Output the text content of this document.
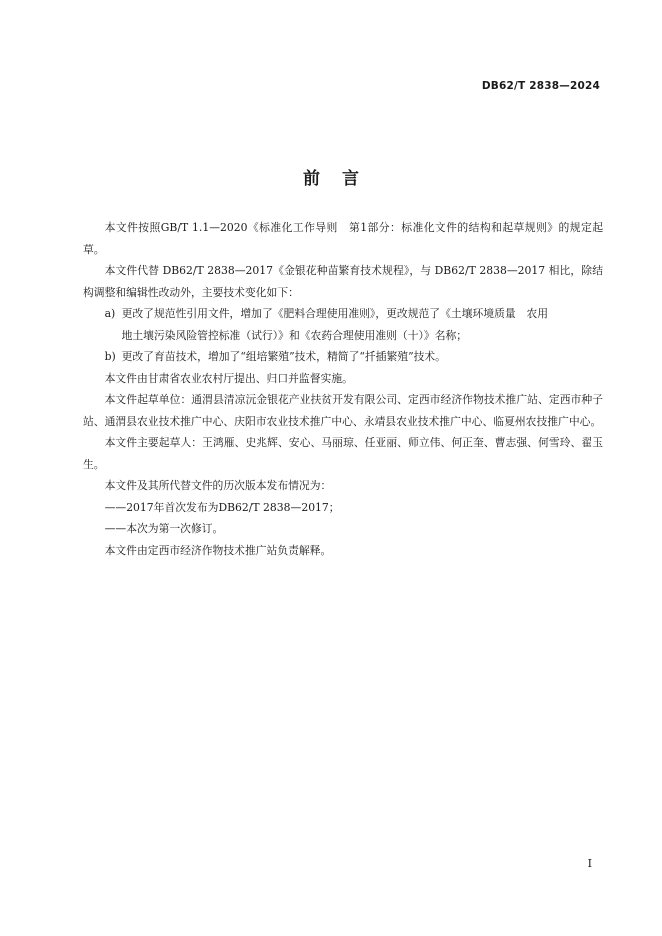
DB62/T 2838—2024
前言

本文件按照GB/T 1.1—2020《标准化工作导则　第1部分：标准化文件的结构和起草规则》的规定起草。

本文件代替 DB62/T 2838—2017《金银花种苗繁育技术规程》，与 DB62/T 2838—2017 相比，除结构调整和编辑性改动外，主要技术变化如下：

a) 更改了规范性引用文件，增加了《肥料合理使用准则》，更改规范了《土壤环境质量　农用
地土壤污染风险管控标准（试行）》和《农药合理使用准则（十）》名称；
b) 更改了育苗技术，增加了“组培繁殖”技术，精简了“扦插繁殖”技术。

本文件由甘肃省农业农村厅提出、归口并监督实施。

本文件起草单位：通渭县清凉沅金银花产业扶贫开发有限公司、定西市经济作物技术推广站、定西市种子站、通渭县农业技术推广中心、庆阳市农业技术推广中心、永靖县农业技术推广中心、临夏州农技推广中心。

本文件主要起草人：王鸿雁、史兆辉、安心、马丽琼、任亚丽、师立伟、何正奎、曹志强、何雪玲、翟玉生。

本文件及其所代替文件的历次版本发布情况为：

——2017年首次发布为DB62/T 2838—2017；

——本次为第一次修订。

本文件由定西市经济作物技术推广站负责解释。

I
